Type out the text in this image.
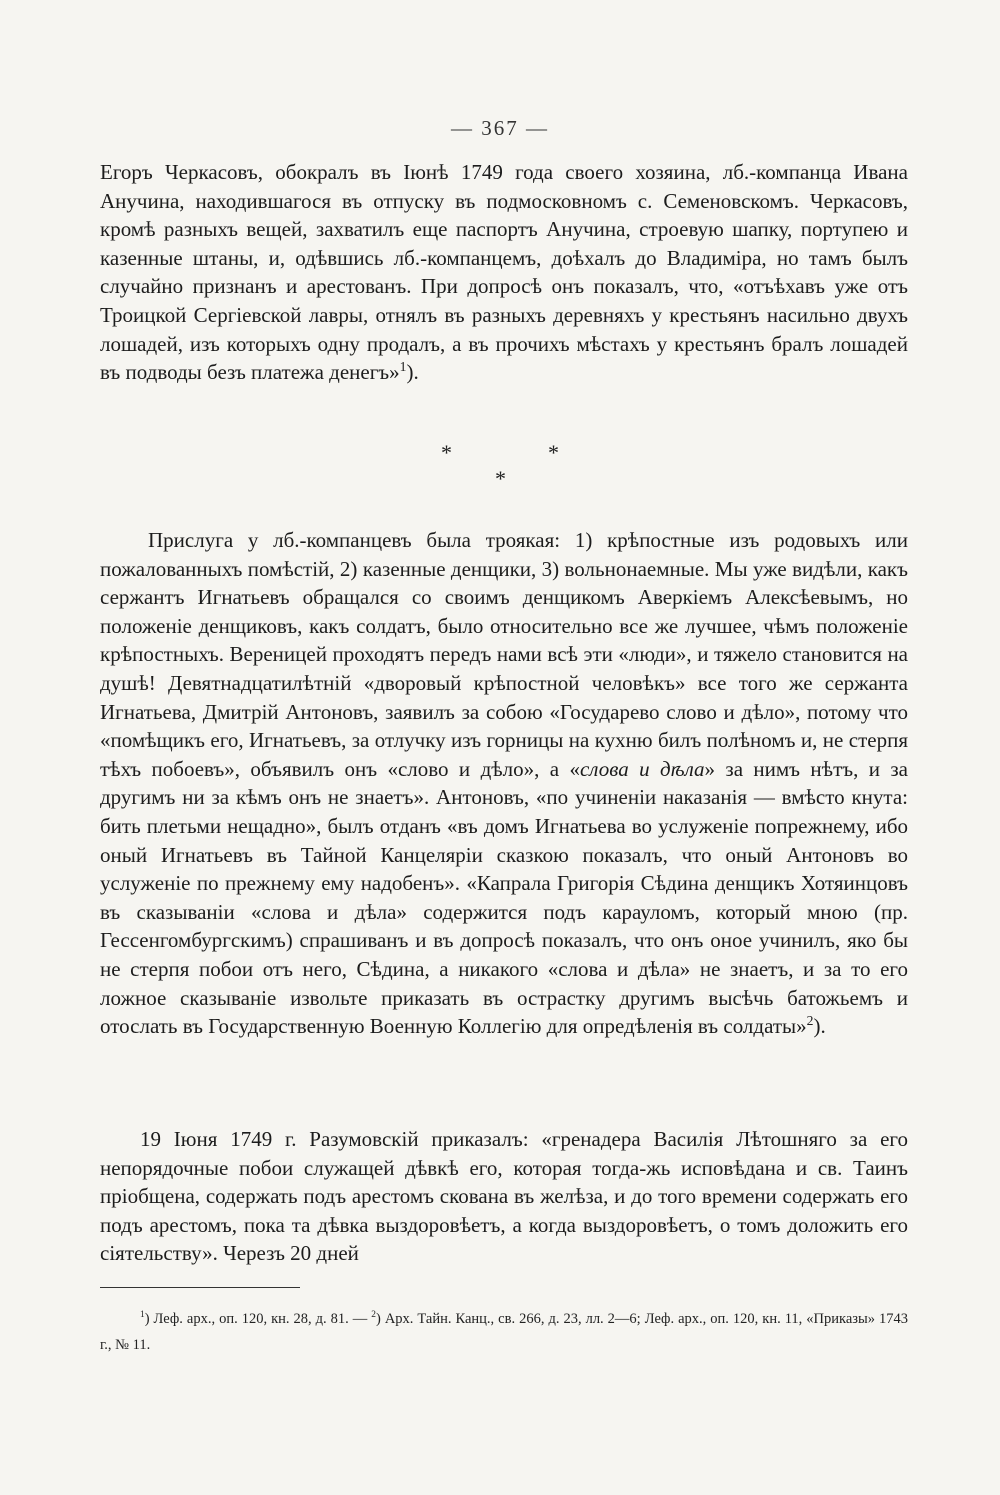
— 367 —

Егоръ Черкасовъ, обокралъ въ Іюнѣ 1749 года своего хозяина, лб.-компанца Ивана Анучина, находившагося въ отпуску въ подмосковномъ с. Семеновскомъ. Черкасовъ, кромѣ разныхъ вещей, захватилъ еще паспортъ Анучина, строевую шапку, портупею и казенные штаны, и, одѣвшись лб.-компанцемъ, доѣхалъ до Владиміра, но тамъ былъ случайно признанъ и арестованъ. При допросѣ онъ показалъ, что, «отъѣхавъ уже отъ Троицкой Сергіевской лавры, отнялъ въ разныхъ деревняхъ у крестьянъ насильно двухъ лошадей, изъ которыхъ одну продалъ, а въ прочихъ мѣстахъ у крестьянъ бралъ лошадей въ подводы безъ платежа денегъ»$^1$).

*	*
*

Прислуга у лб.-компанцевъ была троякая: 1) крѣпостные изъ родовыхъ или пожалованныхъ помѣстій, 2) казенные денщики, 3) вольнонаемные. Мы уже видѣли, какъ сержантъ Игнатьевъ обращался со своимъ денщикомъ Аверкіемъ Алексѣевымъ, но положеніе денщиковъ, какъ солдатъ, было относительно все же лучшее, чѣмъ положеніе крѣпостныхъ. Вереницей проходятъ передъ нами всѣ эти «люди», и тяжело становится на душѣ! Девятнадцатилѣтній «дворовый крѣпостной человѣкъ» все того же сержанта Игнатьева, Дмитрій Антоновъ, заявилъ за собою «Государево слово и дѣло», потому что «помѣщикъ его, Игнатьевъ, за отлучку изъ горницы на кухню билъ полѣномъ и, не стерпя тѣхъ побоевъ», объявилъ онъ «слово и дѣло», а «слова и дѣла» за нимъ нѣтъ, и за другимъ ни за кѣмъ онъ не знаетъ». Антоновъ, «по учиненіи наказанія — вмѣсто кнута: бить плетьми нещадно», былъ отданъ «въ домъ Игнатьева во услуженіе попрежнему, ибо оный Игнатьевъ въ Тайной Канцеляріи сказкою показалъ, что оный Антоновъ во услуженіе по прежнему ему надобенъ». «Капрала Григорія Сѣдина денщикъ Хотяинцовъ въ сказываніи «слова и дѣла» содержится подъ карауломъ, который мною (пр. Гессенгомбургскимъ) спрашиванъ и въ допросѣ показалъ, что онъ оное учинилъ, яко бы не стерпя побои отъ него, Сѣдина, а никакого «слова и дѣла» не знаетъ, и за то его ложное сказываніе извольте приказать въ острастку другимъ высѣчь батожьемъ и отослать въ Государственную Военную Коллегію для опредѣленія въ солдаты»$^2$).

19 Іюня 1749 г. Разумовскій приказалъ: «гренадера Василія Лѣтошняго за его непорядочные побои служащей дѣвкѣ его, которая тогда-жь исповѣдана и св. Таинъ пріобщена, содержать подъ арестомъ скована въ желѣза, и до того времени содержать его подъ арестомъ, пока та дѣвка выздоровѣетъ, а когда выздоровѣетъ, о томъ доложить его сіятельству». Черезъ 20 дней

$^1$) Леф. арх., оп. 120, кн. 28, д. 81. — $^2$) Арх. Тайн. Канц., св. 266, д. 23, лл. 2—6; Леф. арх., оп. 120, кн. 11, «Приказы» 1743 г., № 11.
